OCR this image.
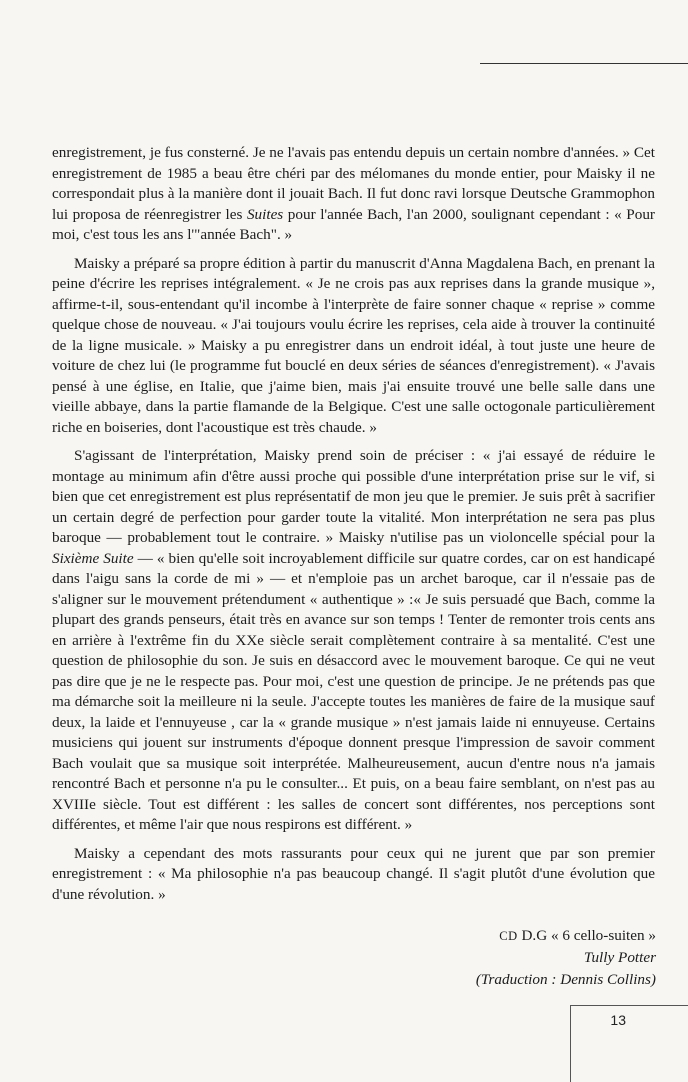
enregistrement, je fus consterné. Je ne l'avais pas entendu depuis un certain nombre d'années. » Cet enregistrement de 1985 a beau être chéri par des mélomanes du monde entier, pour Maisky il ne correspondait plus à la manière dont il jouait Bach. Il fut donc ravi lorsque Deutsche Grammophon lui proposa de réenregistrer les Suites pour l'année Bach, l'an 2000, soulignant cependant : « Pour moi, c'est tous les ans l'"année Bach". »

Maisky a préparé sa propre édition à partir du manuscrit d'Anna Magdalena Bach, en prenant la peine d'écrire les reprises intégralement. « Je ne crois pas aux reprises dans la grande musique », affirme-t-il, sous-entendant qu'il incombe à l'interprète de faire sonner chaque « reprise » comme quelque chose de nouveau. « J'ai toujours voulu écrire les reprises, cela aide à trouver la continuité de la ligne musicale. » Maisky a pu enregistrer dans un endroit idéal, à tout juste une heure de voiture de chez lui (le programme fut bouclé en deux séries de séances d'enregistrement). « J'avais pensé à une église, en Italie, que j'aime bien, mais j'ai ensuite trouvé une belle salle dans une vieille abbaye, dans la partie flamande de la Belgique. C'est une salle octogonale particulièrement riche en boiseries, dont l'acoustique est très chaude. »

S'agissant de l'interprétation, Maisky prend soin de préciser : « j'ai essayé de réduire le montage au minimum afin d'être aussi proche qui possible d'une interprétation prise sur le vif, si bien que cet enregistrement est plus représentatif de mon jeu que le premier. Je suis prêt à sacrifier un certain degré de perfection pour garder toute la vitalité. Mon interprétation ne sera pas plus baroque — probablement tout le contraire. » Maisky n'utilise pas un violoncelle spécial pour la Sixième Suite — « bien qu'elle soit incroyablement difficile sur quatre cordes, car on est handicapé dans l'aigu sans la corde de mi » — et n'emploie pas un archet baroque, car il n'essaie pas de s'aligner sur le mouvement prétendument « authentique » :« Je suis persuadé que Bach, comme la plupart des grands penseurs, était très en avance sur son temps ! Tenter de remonter trois cents ans en arrière à l'extrême fin du XXe siècle serait complètement contraire à sa mentalité. C'est une question de philosophie du son. Je suis en désaccord avec le mouvement baroque. Ce qui ne veut pas dire que je ne le respecte pas. Pour moi, c'est une question de principe. Je ne prétends pas que ma démarche soit la meilleure ni la seule. J'accepte toutes les manières de faire de la musique sauf deux, la laide et l'ennuyeuse , car la « grande musique » n'est jamais laide ni ennuyeuse. Certains musiciens qui jouent sur instruments d'époque donnent presque l'impression de savoir comment Bach voulait que sa musique soit interprétée. Malheureusement, aucun d'entre nous n'a jamais rencontré Bach et personne n'a pu le consulter... Et puis, on a beau faire semblant, on n'est pas au XVIIIe siècle. Tout est différent : les salles de concert sont différentes, nos perceptions sont différentes, et même l'air que nous respirons est différent. »

Maisky a cependant des mots rassurants pour ceux qui ne jurent que par son premier enregistrement : « Ma philosophie n'a pas beaucoup changé. Il s'agit plutôt d'une évolution que d'une révolution. »

CD D.G « 6 cello-suiten »
Tully Potter
(Traduction : Dennis Collins)
13
